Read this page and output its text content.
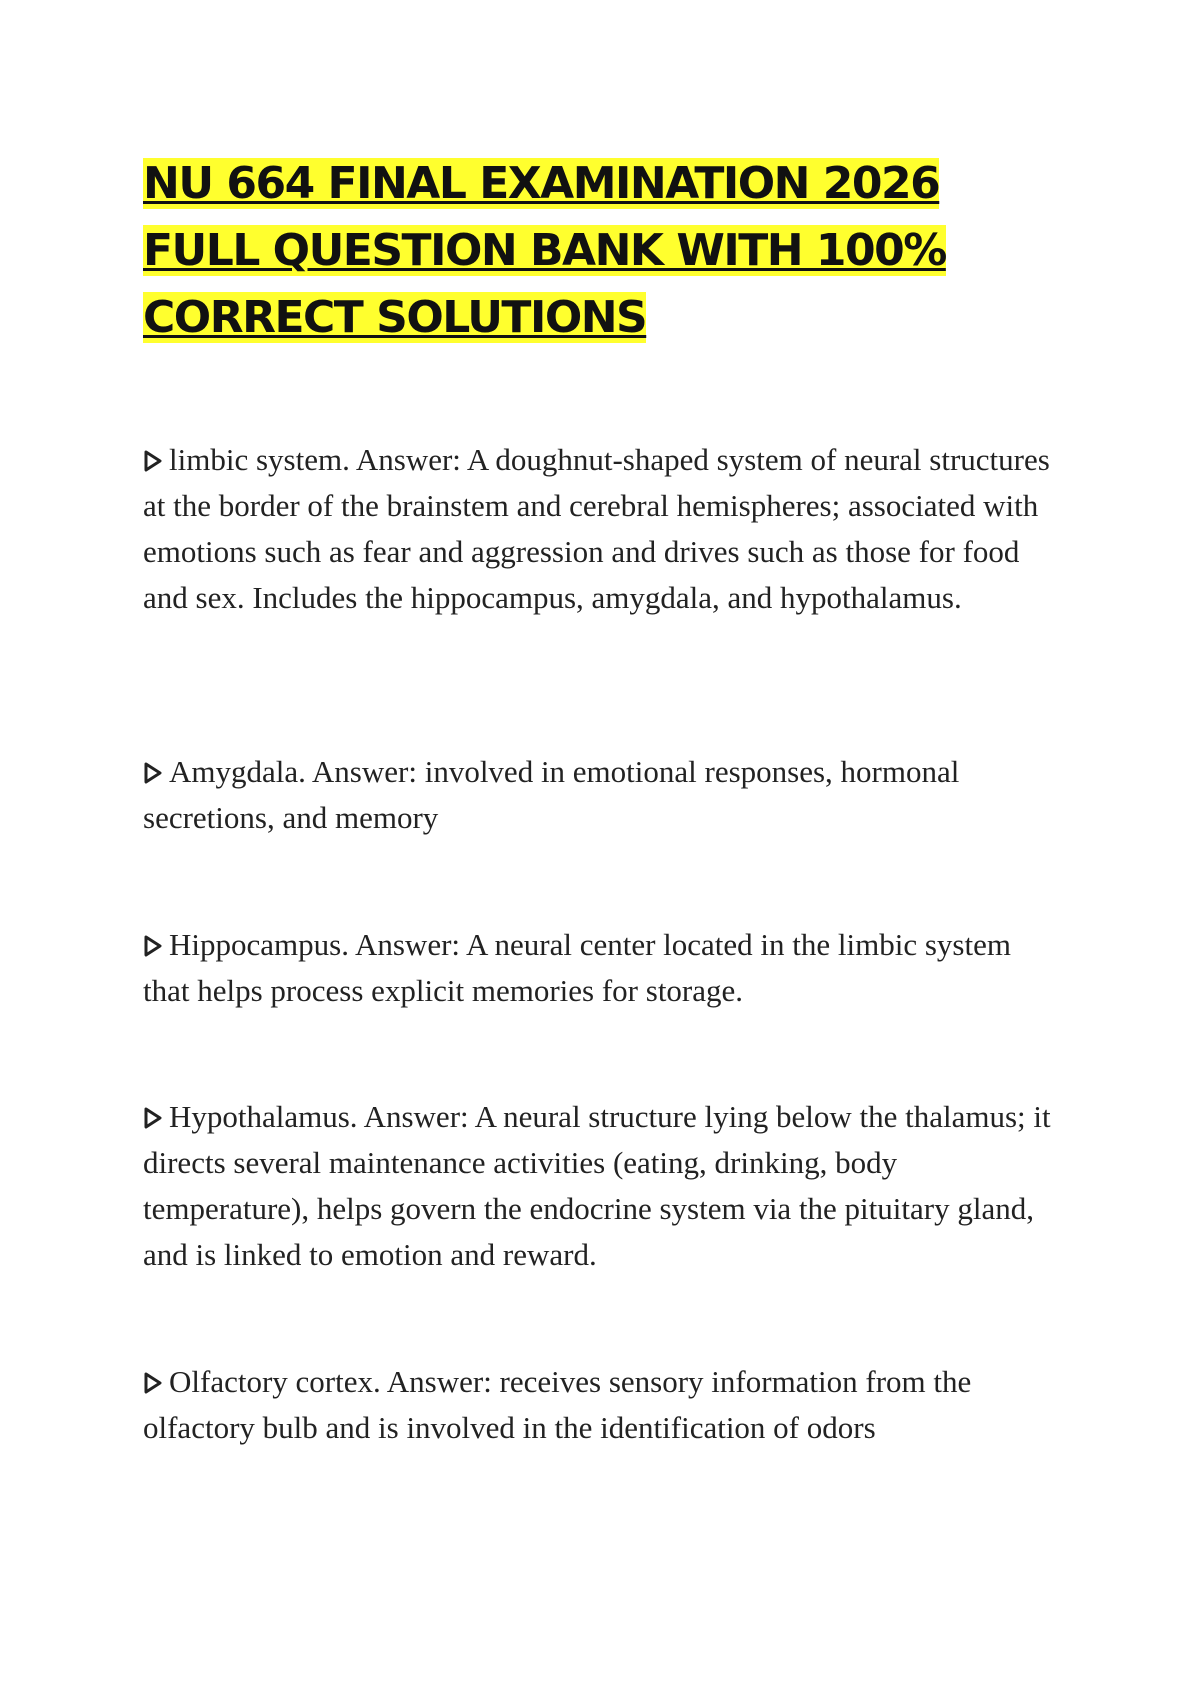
NU 664 FINAL EXAMINATION 2026 FULL QUESTION BANK WITH 100% CORRECT SOLUTIONS

limbic system. Answer: A doughnut-shaped system of neural structures at the border of the brainstem and cerebral hemispheres; associated with emotions such as fear and aggression and drives such as those for food and sex. Includes the hippocampus, amygdala, and hypothalamus.

Amygdala. Answer: involved in emotional responses, hormonal secretions, and memory

Hippocampus. Answer: A neural center located in the limbic system that helps process explicit memories for storage.

Hypothalamus. Answer: A neural structure lying below the thalamus; it directs several maintenance activities (eating, drinking, body temperature), helps govern the endocrine system via the pituitary gland, and is linked to emotion and reward.

Olfactory cortex. Answer: receives sensory information from the olfactory bulb and is involved in the identification of odors
